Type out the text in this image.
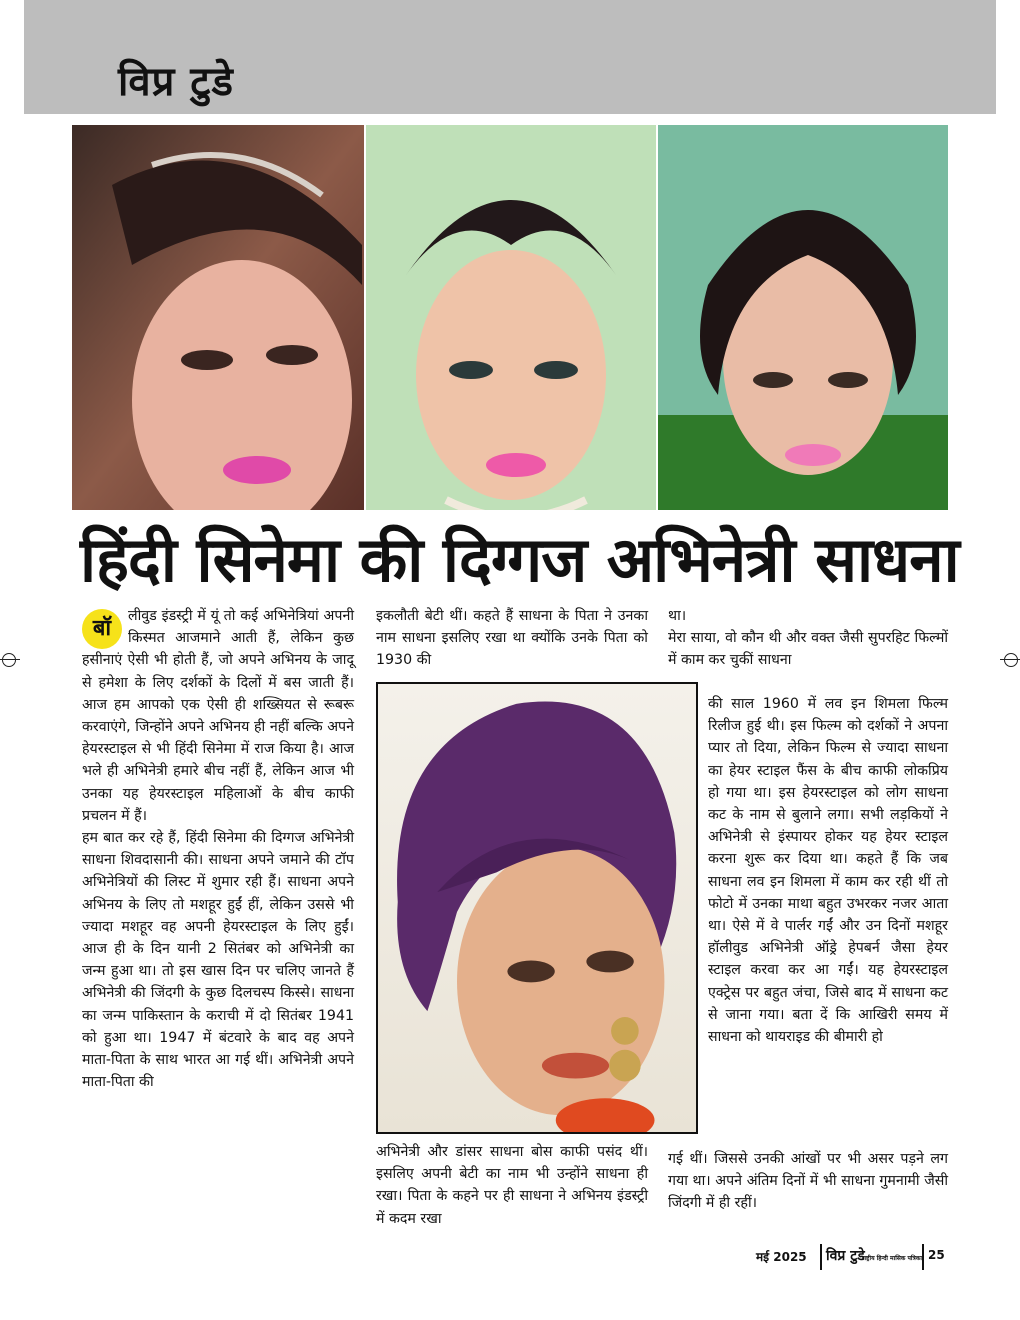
विप्र टुडे
हिंदी सिनेमा की दिग्गज अभिनेत्री साधना
बॉ	लीवुड इंडस्ट्री में यूं तो कई अभिनेत्रियां अपनी किस्मत आजमाने आती हैं, लेकिन कुछ हसीनाएं ऐसी भी होती हैं, जो अपने अभिनय के जादू से हमेशा के लिए दर्शकों के दिलों में बस जाती हैं। आज हम आपको एक ऐसी ही शख्सियत से रूबरू करवाएंगे, जिन्होंने अपने अभिनय ही नहीं बल्कि अपने हेयरस्टाइल से भी हिंदी सिनेमा में राज किया है। आज भले ही अभिनेत्री हमारे बीच नहीं हैं, लेकिन आज भी उनका यह हेयरस्टाइल महिलाओं के बीच काफी प्रचलन में हैं।

हम बात कर रहे हैं, हिंदी सिनेमा की दिग्गज अभिनेत्री साधना शिवदासानी की। साधना अपने जमाने की टॉप अभिनेत्रियों की लिस्ट में शुमार रही हैं। साधना अपने अभिनय के लिए तो मशहूर हुईं हीं, लेकिन उससे भी ज्यादा मशहूर वह अपनी हेयरस्टाइल के लिए हुईं। आज ही के दिन यानी 2 सितंबर को अभिनेत्री का जन्म हुआ था। तो इस खास दिन पर चलिए जानते हैं अभिनेत्री की जिंदगी के कुछ दिलचस्प किस्से। साधना का जन्म पाकिस्तान के कराची में दो सितंबर 1941 को हुआ था। 1947 में बंटवारे के बाद वह अपने माता-पिता के साथ भारत आ गई थीं। अभिनेत्री अपने माता-पिता की

इकलौती बेटी थीं। कहते हैं साधना के पिता ने उनका नाम साधना इसलिए रखा था क्योंकि उनके पिता को 1930 की

अभिनेत्री और डांसर साधना बोस काफी पसंद थीं। इसलिए अपनी बेटी का नाम भी उन्होंने साधना ही रखा। पिता के कहने पर ही साधना ने अभिनय इंडस्ट्री में कदम रखा

था।

मेरा साया, वो कौन थी और वक्त जैसी सुपरहिट फिल्मों में काम कर चुकीं साधना

की साल 1960 में लव इन शिमला फिल्म रिलीज हुई थी। इस फिल्म को दर्शकों ने अपना प्यार तो दिया, लेकिन फिल्म से ज्यादा साधना का हेयर स्टाइल फैंस के बीच काफी लोकप्रिय हो गया था। इस हेयरस्टाइल को लोग साधना कट के नाम से बुलाने लगा। सभी लड़कियों ने अभिनेत्री से इंस्पायर होकर यह हेयर स्टाइल करना शुरू कर दिया था। कहते हैं कि जब साधना लव इन शिमला में काम कर रही थीं तो फोटो में उनका माथा बहुत उभरकर नजर आता था। ऐसे में वे पार्लर गईं और उन दिनों मशहूर हॉलीवुड अभिनेत्री ऑड्रे हेपबर्न जैसा हेयर स्टाइल करवा कर आ गईं। यह हेयरस्टाइल एक्ट्रेस पर बहुत जंचा, जिसे बाद में साधना कट से जाना गया। बता दें कि आखिरी समय में साधना को थायराइड की बीमारी हो

गई थीं। जिससे उनकी आंखों पर भी असर पड़ने लग गया था। अपने अंतिम दिनों में भी साधना गुमनामी जैसी जिंदगी में ही रहीं।

मई 2025 विप्र टुडे
राष्ट्रीय हिन्दी मासिक पत्रिका 25
